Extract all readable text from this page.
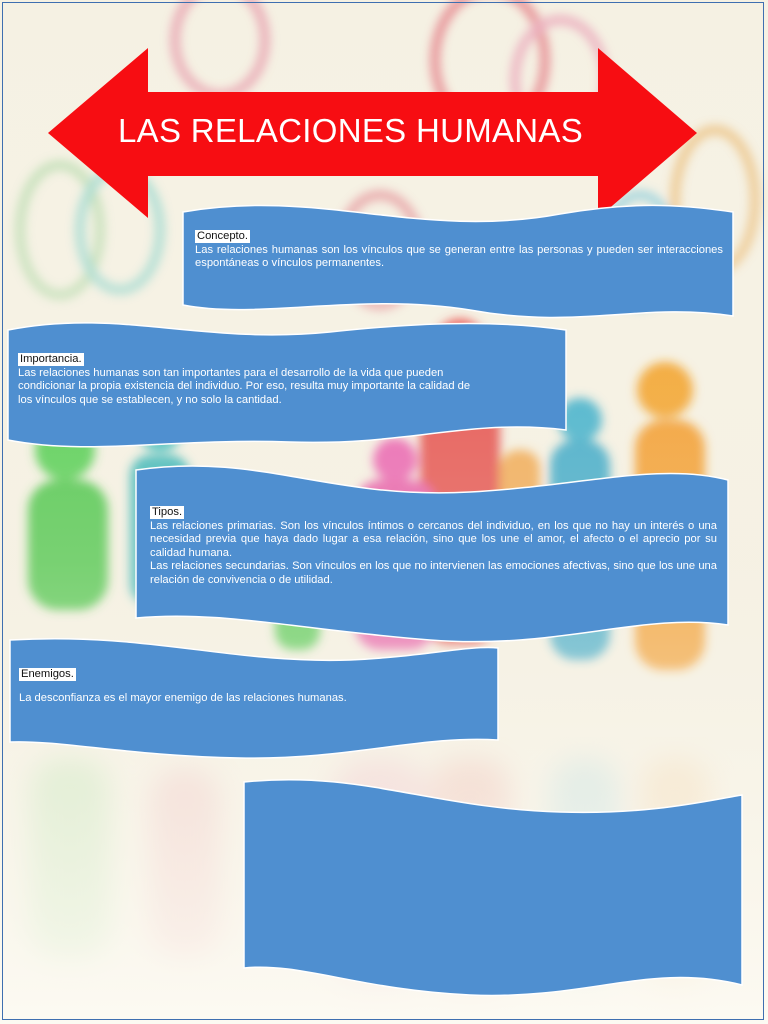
LAS RELACIONES HUMANAS
Concepto.
Las relaciones humanas son los vínculos que se generan entre las personas y pueden ser interacciones espontáneas o vínculos permanentes.
Importancia.

Las relaciones humanas son tan importantes para el desarrollo de la vida que pueden

condicionar la propia existencia del individuo. Por eso, resulta muy importante la calidad de

los vínculos que se establecen, y no solo la cantidad.

Tipos.

Las relaciones primarias. Son los vínculos íntimos o cercanos del individuo, en los que no hay un interés o una necesidad previa que haya dado lugar a esa relación, sino que los une el amor, el afecto o el aprecio por su calidad humana.

Las relaciones secundarias. Son vínculos en los que no intervienen las emociones afectivas, sino que los une una relación de convivencia o de utilidad.

Enemigos.
La desconfianza es el mayor enemigo de las relaciones humanas.
